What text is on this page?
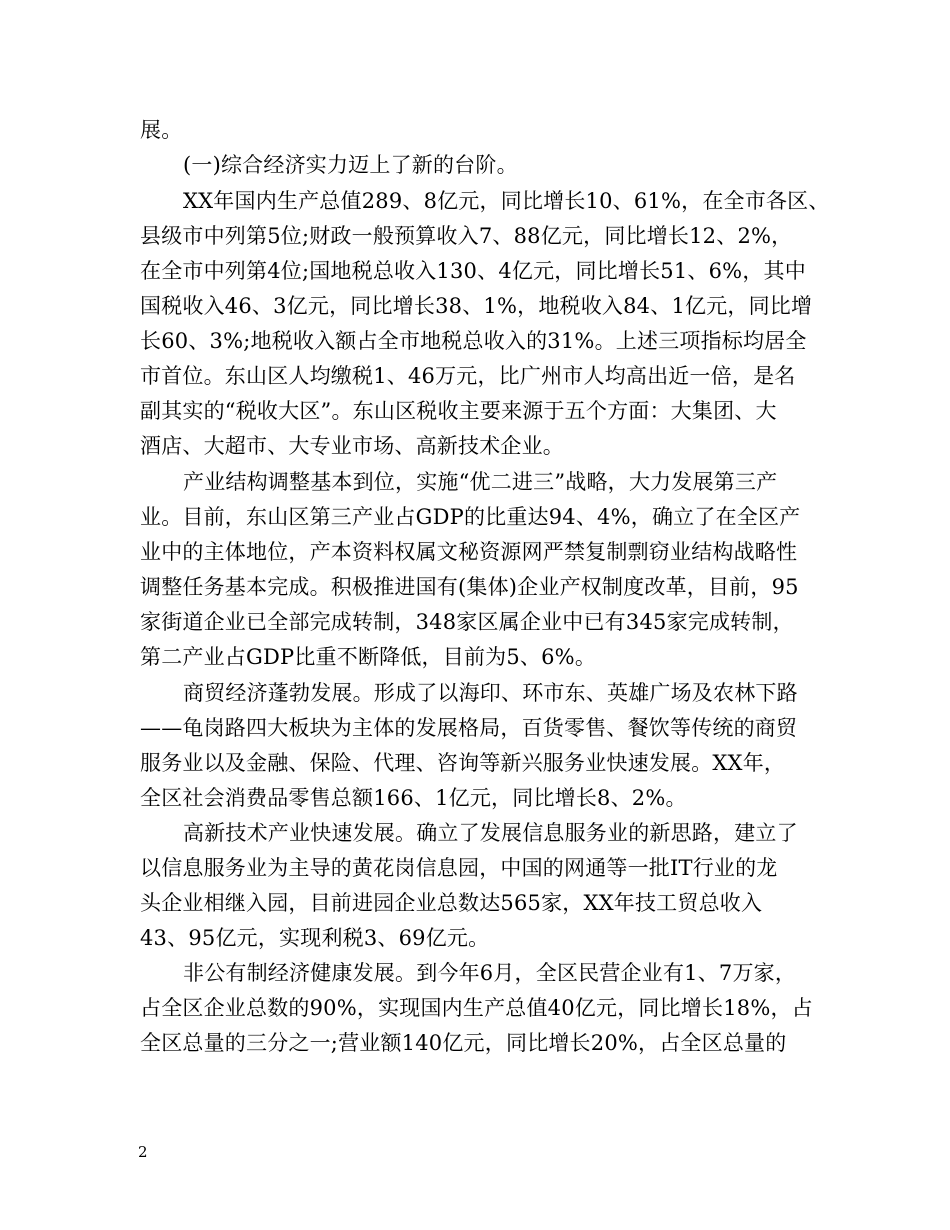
展。
(一)综合经济实力迈上了新的台阶。
XX年国内生产总值289、8亿元，同比增长10、61%，在全市各区、
县级市中列第5位;财政一般预算收入7、88亿元，同比增长12、2%，
在全市中列第4位;国地税总收入130、4亿元，同比增长51、6%，其中
国税收入46、3亿元，同比增长38、1%，地税收入84、1亿元，同比增
长60、3%;地税收入额占全市地税总收入的31%。上述三项指标均居全
市首位。东山区人均缴税1、46万元，比广州市人均高出近一倍，是名
副其实的“税收大区”。东山区税收主要来源于五个方面：大集团、大
酒店、大超市、大专业市场、高新技术企业。
产业结构调整基本到位，实施“优二进三”战略，大力发展第三产
业。目前，东山区第三产业占GDP的比重达94、4%，确立了在全区产
业中的主体地位，产本资料权属文秘资源网严禁复制剽窃业结构战略性
调整任务基本完成。积极推进国有(集体)企业产权制度改革，目前，95
家街道企业已全部完成转制，348家区属企业中已有345家完成转制，
第二产业占GDP比重不断降低，目前为5、6%。
商贸经济蓬勃发展。形成了以海印、环市东、英雄广场及农林下路
——龟岗路四大板块为主体的发展格局，百货零售、餐饮等传统的商贸
服务业以及金融、保险、代理、咨询等新兴服务业快速发展。XX年，
全区社会消费品零售总额166、1亿元，同比增长8、2%。
高新技术产业快速发展。确立了发展信息服务业的新思路，建立了
以信息服务业为主导的黄花岗信息园，中国的网通等一批IT行业的龙
头企业相继入园，目前进园企业总数达565家，XX年技工贸总收入
43、95亿元，实现利税3、69亿元。
非公有制经济健康发展。到今年6月，全区民营企业有1、7万家，
占全区企业总数的90%，实现国内生产总值40亿元，同比增长18%，占
全区总量的三分之一;营业额140亿元，同比增长20%，占全区总量的
2
